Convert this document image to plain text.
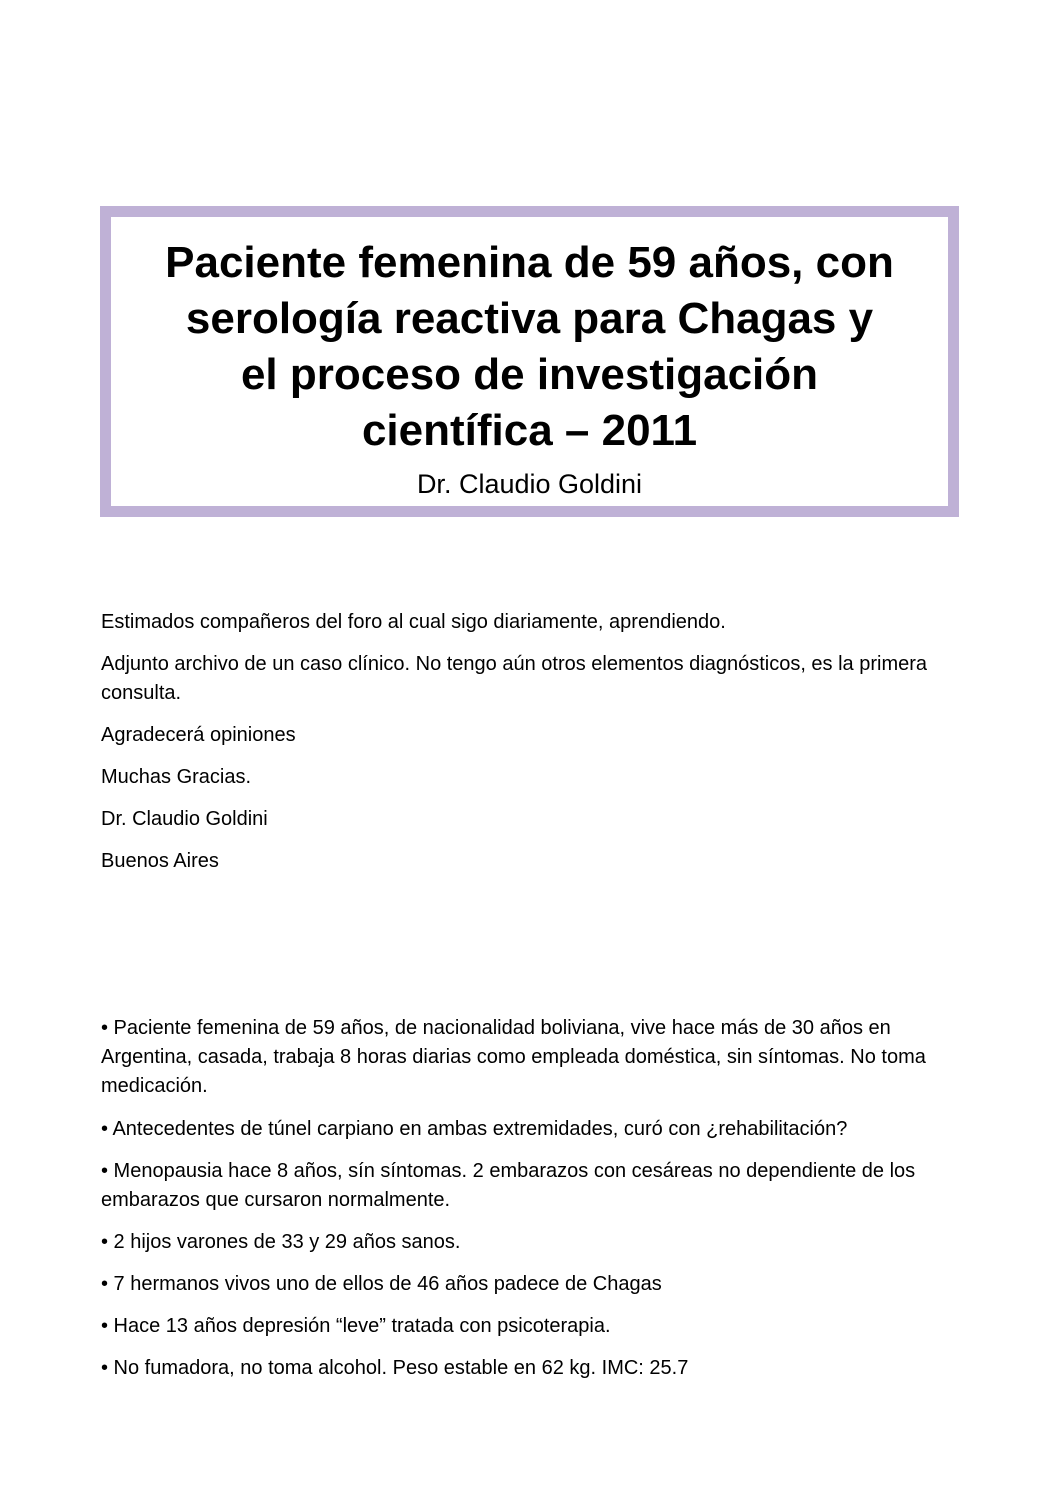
Paciente femenina de 59 años, con
serología reactiva para Chagas y
el proceso de investigación
científica – 2011

Dr. Claudio Goldini

Estimados compañeros del foro al cual sigo diariamente, aprendiendo.

Adjunto archivo de un caso clínico. No tengo aún otros elementos diagnósticos, es la primera consulta.

Agradecerá opiniones

Muchas Gracias.

Dr. Claudio Goldini

Buenos Aires

• Paciente femenina de 59 años, de nacionalidad boliviana, vive hace más de 30 años en Argentina, casada, trabaja 8 horas diarias como empleada doméstica, sin síntomas. No toma medicación.

• Antecedentes de túnel carpiano en ambas extremidades, curó con ¿rehabilitación?

• Menopausia hace 8 años, sín síntomas. 2 embarazos con cesáreas no dependiente de los embarazos que cursaron normalmente.

• 2 hijos varones de 33 y 29 años sanos.

• 7 hermanos vivos uno de ellos de 46 años padece de Chagas

• Hace 13 años depresión “leve” tratada con psicoterapia.

• No fumadora, no toma alcohol. Peso estable en 62 kg. IMC: 25.7
